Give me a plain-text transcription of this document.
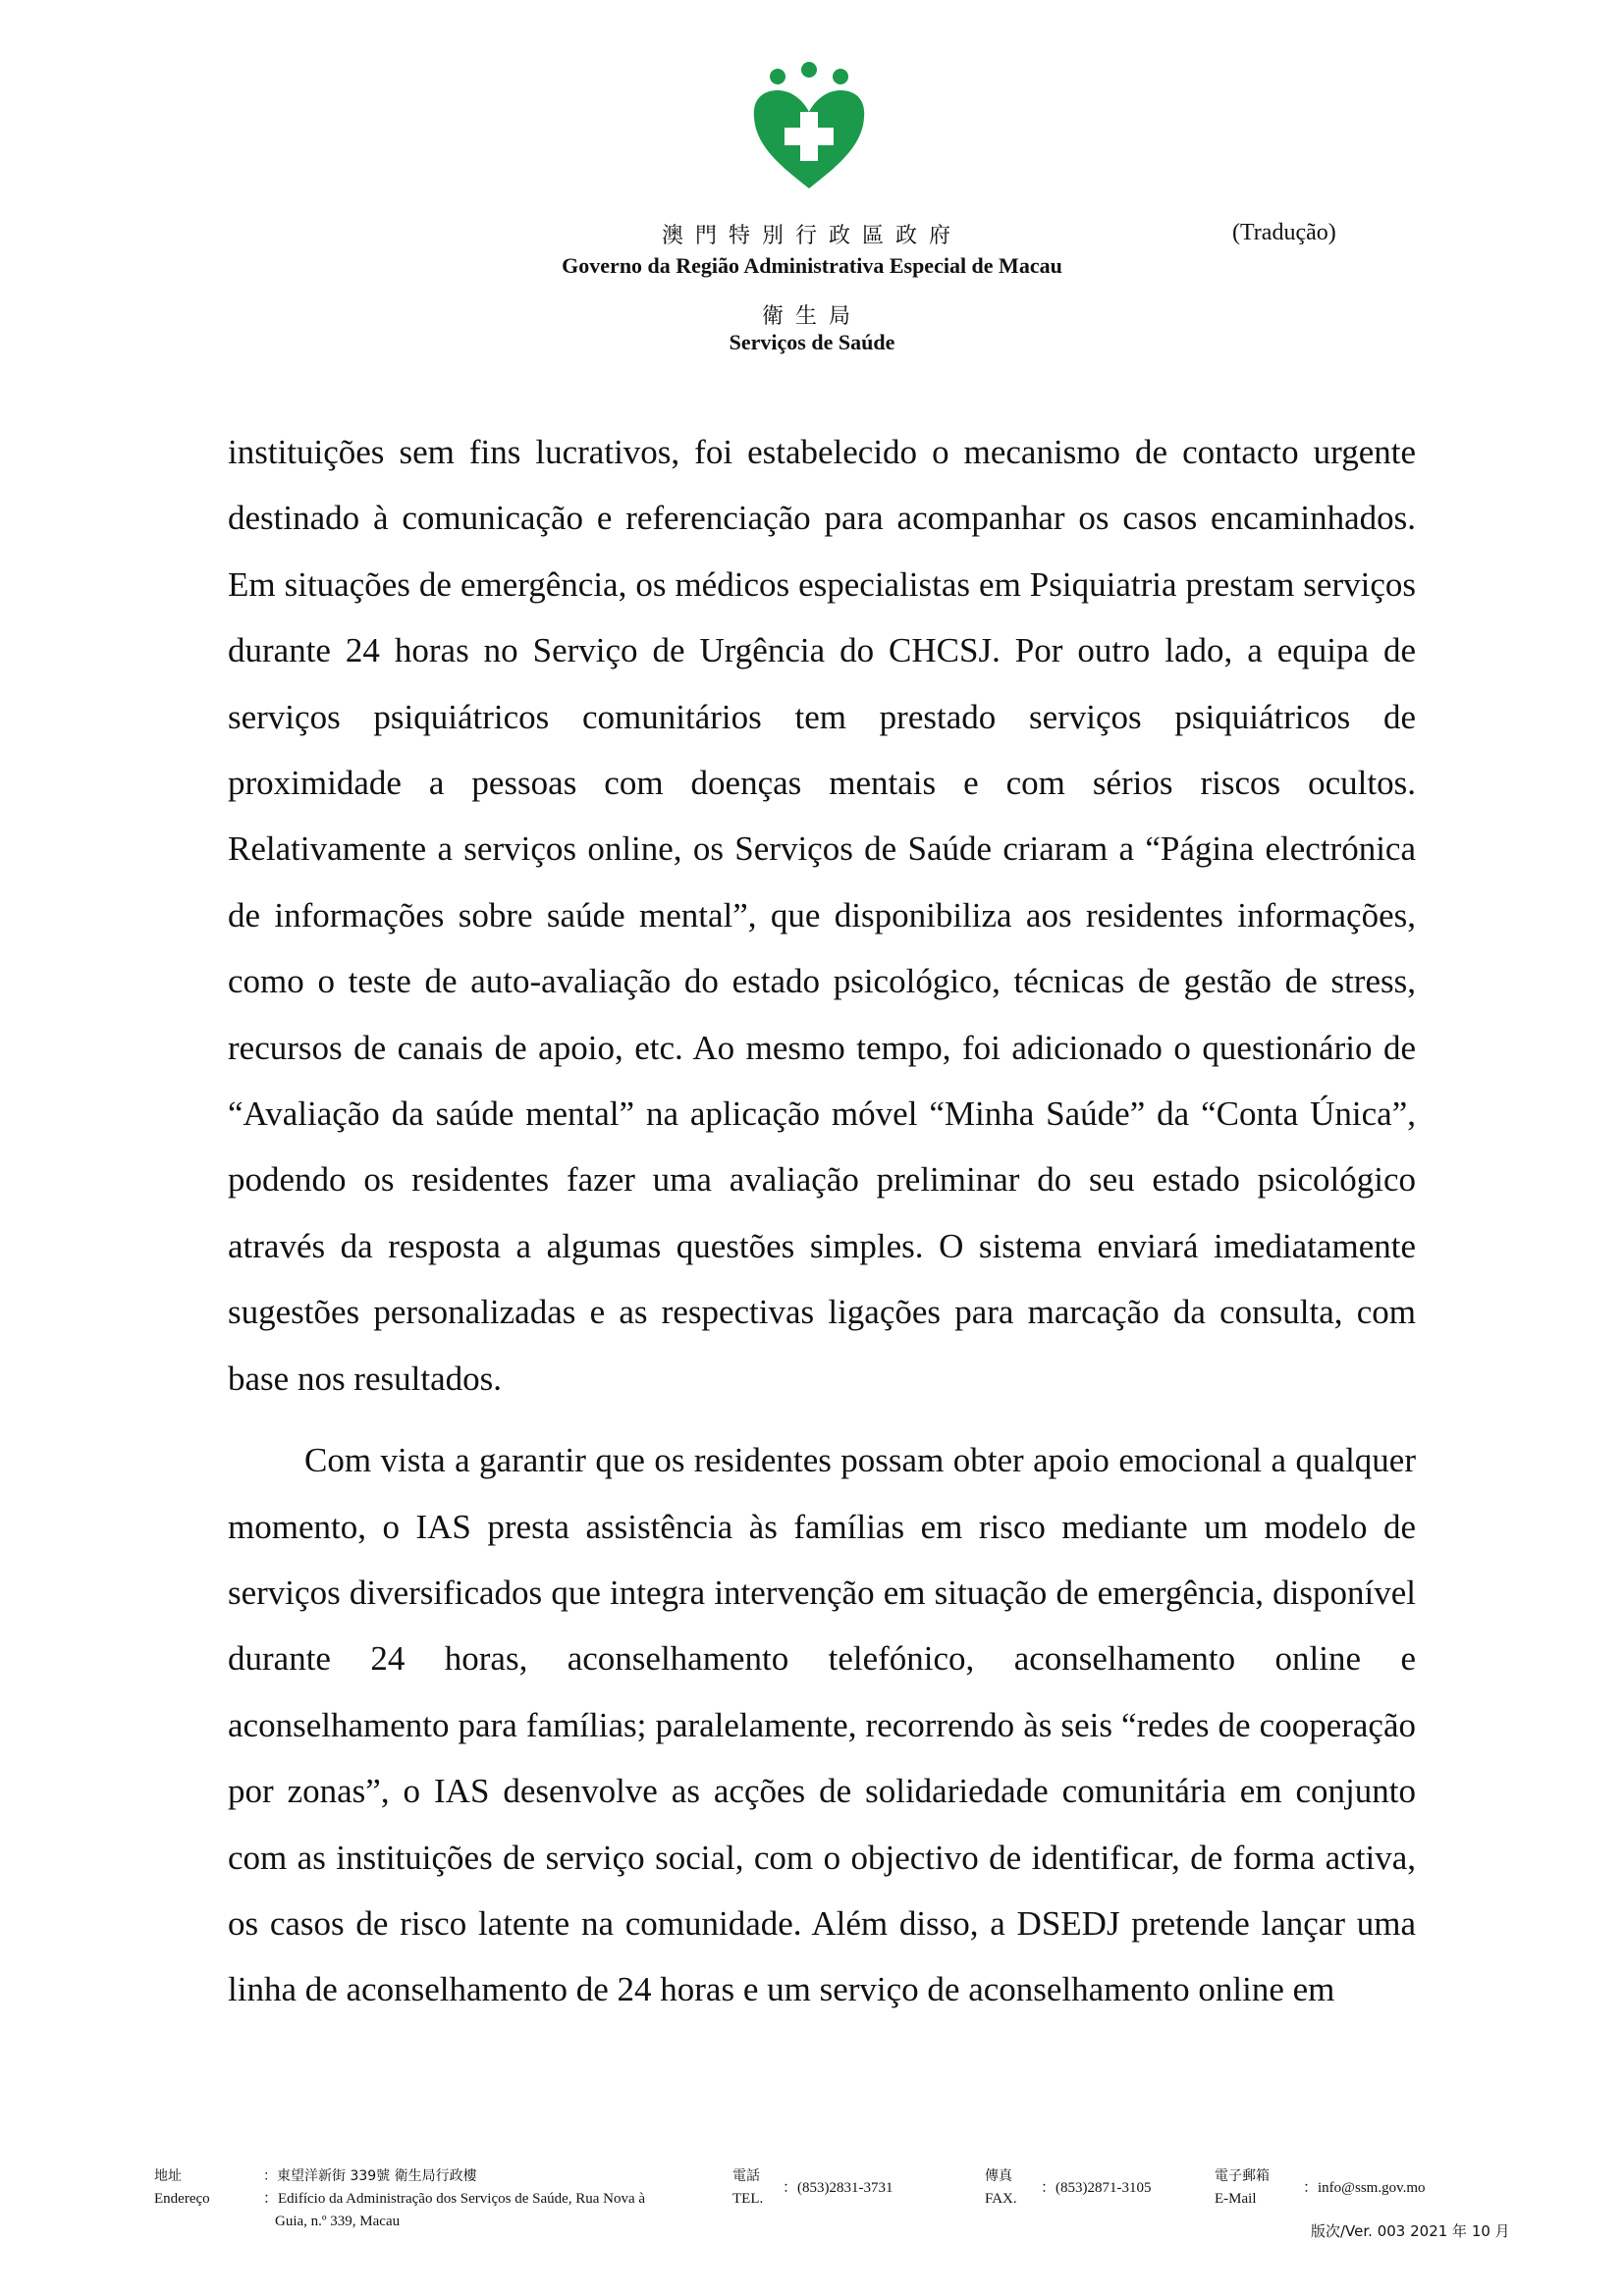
澳門特別行政區政府
Governo da Região Administrativa Especial de Macau
衛生局
Serviços de Saúde
(Tradução)

instituições sem fins lucrativos, foi estabelecido o mecanismo de contacto urgente destinado à comunicação e referenciação para acompanhar os casos encaminhados. Em situações de emergência, os médicos especialistas em Psiquiatria prestam serviços durante 24 horas no Serviço de Urgência do CHCSJ. Por outro lado, a equipa de serviços psiquiátricos comunitários tem prestado serviços psiquiátricos de proximidade a pessoas com doenças mentais e com sérios riscos ocultos. Relativamente a serviços online, os Serviços de Saúde criaram a “Página electrónica de informações sobre saúde mental”, que disponibiliza aos residentes informações, como o teste de auto-avaliação do estado psicológico, técnicas de gestão de stress, recursos de canais de apoio, etc. Ao mesmo tempo, foi adicionado o questionário de “Avaliação da saúde mental” na aplicação móvel “Minha Saúde” da “Conta Única”, podendo os residentes fazer uma avaliação preliminar do seu estado psicológico através da resposta a algumas questões simples. O sistema enviará imediatamente sugestões personalizadas e as respectivas ligações para marcação da consulta, com base nos resultados.

Com vista a garantir que os residentes possam obter apoio emocional a qualquer momento, o IAS presta assistência às famílias em risco mediante um modelo de serviços diversificados que integra intervenção em situação de emergência, disponível durante 24 horas, aconselhamento telefónico, aconselhamento online e aconselhamento para famílias; paralelamente, recorrendo às seis “redes de cooperação por zonas”, o IAS desenvolve as acções de solidariedade comunitária em conjunto com as instituições de serviço social, com o objectivo de identificar, de forma activa, os casos de risco latente na comunidade. Além disso, a DSEDJ pretende lançar uma linha de aconselhamento de 24 horas e um serviço de aconselhamento online em

地址
Endereço
：東望洋新街 339號 衛生局行政樓
：Edifício da Administração dos Serviços de Saúde, Rua Nova à
Guia, n.º 339, Macau
電話
TEL.
：(853)2831-3731
傳真
FAX.
：(853)2871-3105
電子郵箱
E-Mail
：info@ssm.gov.mo
版次/Ver. 003 2021 年 10 月
